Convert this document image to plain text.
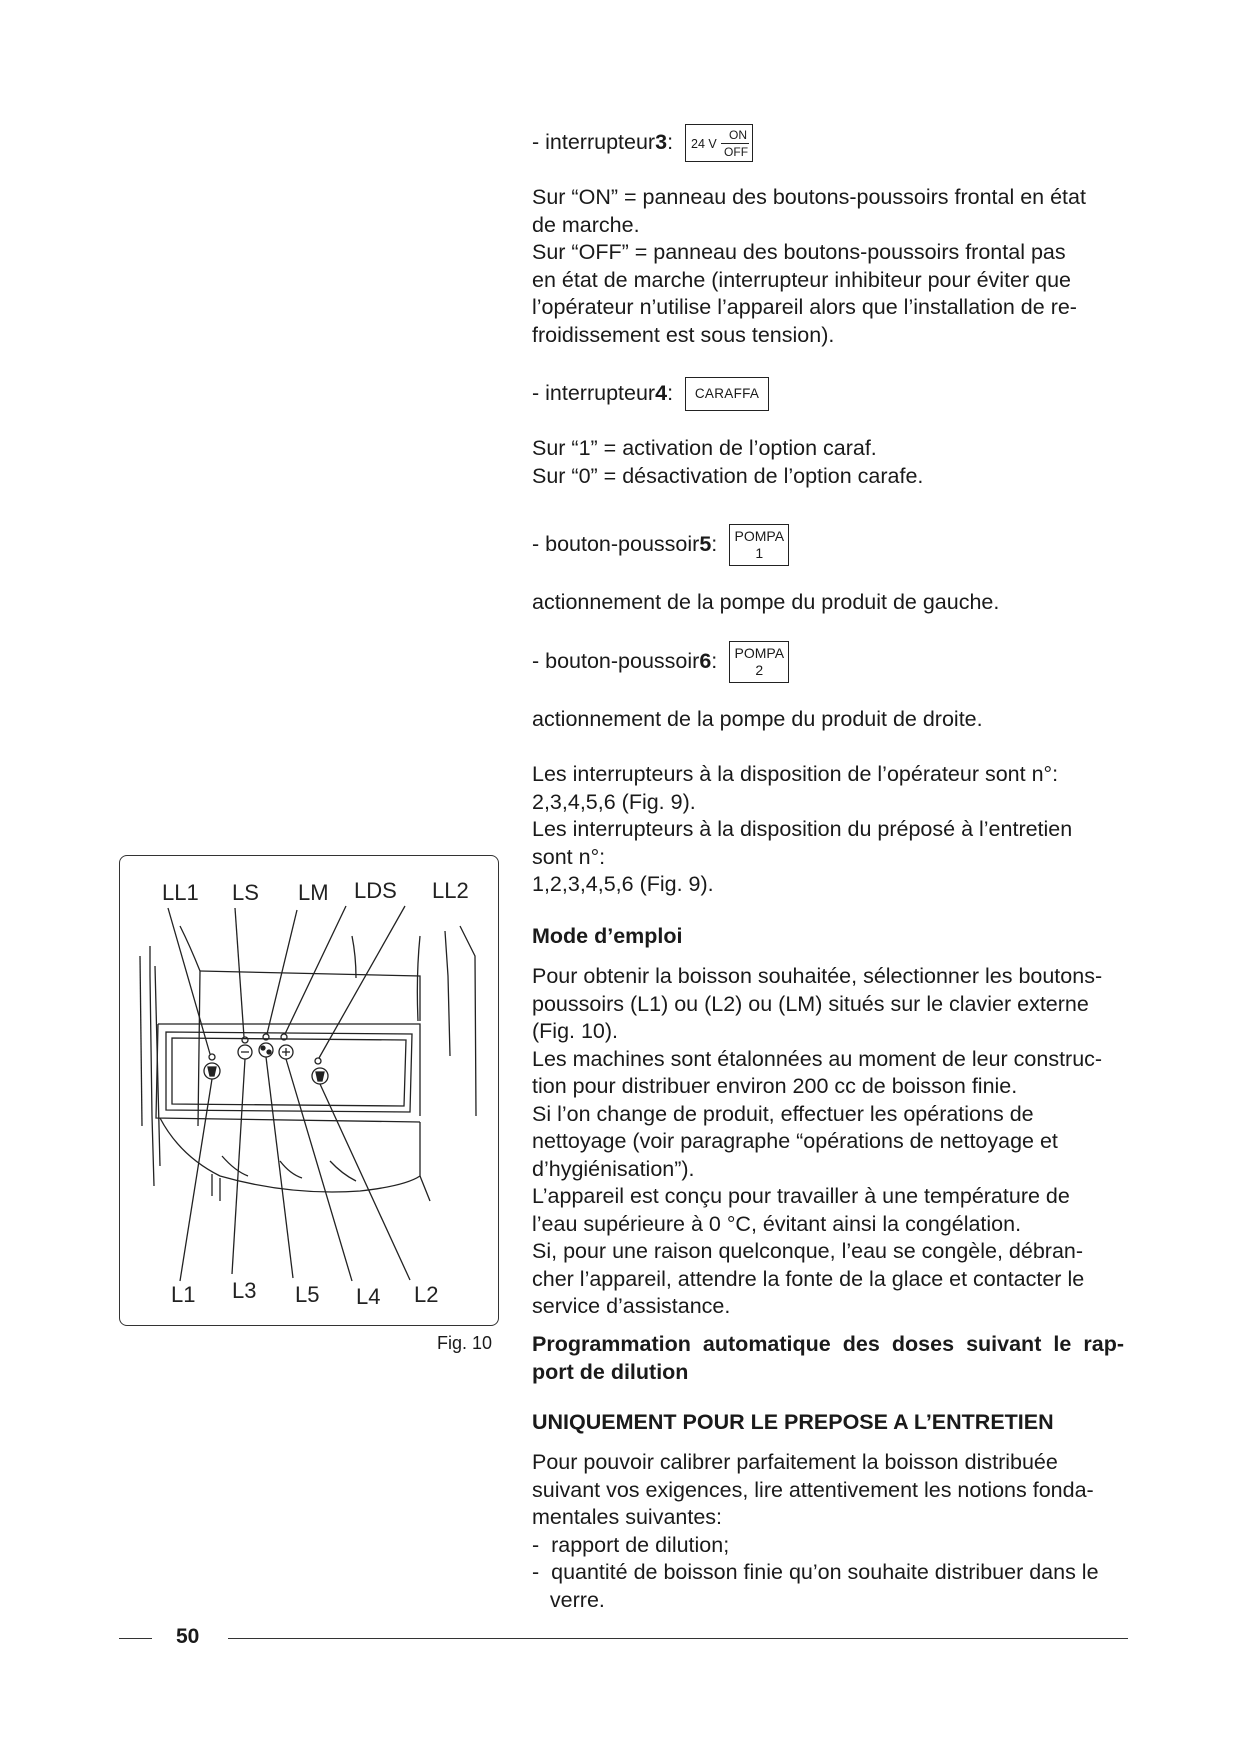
- interrupteur 3 : 24 V
ON
OFF

Sur “ON” = panneau des boutons-poussoirs frontal en état
de marche.
Sur “OFF” = panneau des boutons-poussoirs frontal pas
en état de marche (interrupteur inhibiteur pour éviter que
l’opérateur n’utilise l’appareil alors que l’installation de re-
froidissement est sous tension).

- interrupteur 4 :	CARAFFA

Sur “1” = activation de l’option caraf.
Sur “0” = désactivation de l’option carafe.

- bouton-poussoir 5 :	POMPA
1

actionnement de la pompe du produit de gauche.

- bouton-poussoir 6 :	POMPA
2

actionnement de la pompe du produit de droite.

Les interrupteurs à la disposition de l’opérateur sont n°:
2,3,4,5,6 (Fig. 9).
Les interrupteurs à la disposition du préposé à l’entretien
sont n°:
1,2,3,4,5,6 (Fig. 9).

Mode d’emploi

Pour obtenir la boisson souhaitée, sélectionner les boutons-
poussoirs (L1) ou (L2) ou (LM) situés sur le clavier externe
(Fig. 10).
Les machines sont étalonnées au moment de leur construc-
tion pour distribuer environ 200 cc de boisson finie.
Si l’on change de produit, effectuer les opérations de
nettoyage (voir paragraphe “opérations de nettoyage et
d’hygiénisation”).
L’appareil est conçu pour travailler à une température de
l’eau supérieure à 0 °C, évitant ainsi la congélation.
Si, pour une raison quelconque, l’eau se congèle, débran-
cher l’appareil, attendre la fonte de la glace et contacter le
service d’assistance.

Programmation automatique des doses suivant le rap-
port de dilution
UNIQUEMENT POUR LE PREPOSE A L’ENTRETIEN

Pour pouvoir calibrer parfaitement la boisson distribuée
suivant vos exigences, lire attentivement les notions fonda-
mentales suivantes:
-  rapport de dilution;
-  quantité de boisson finie qu’on souhaite distribuer dans le
verre.

LL1 LS LM LDS LL2
L1 L3 L5 L4 L2
Fig. 10
50
